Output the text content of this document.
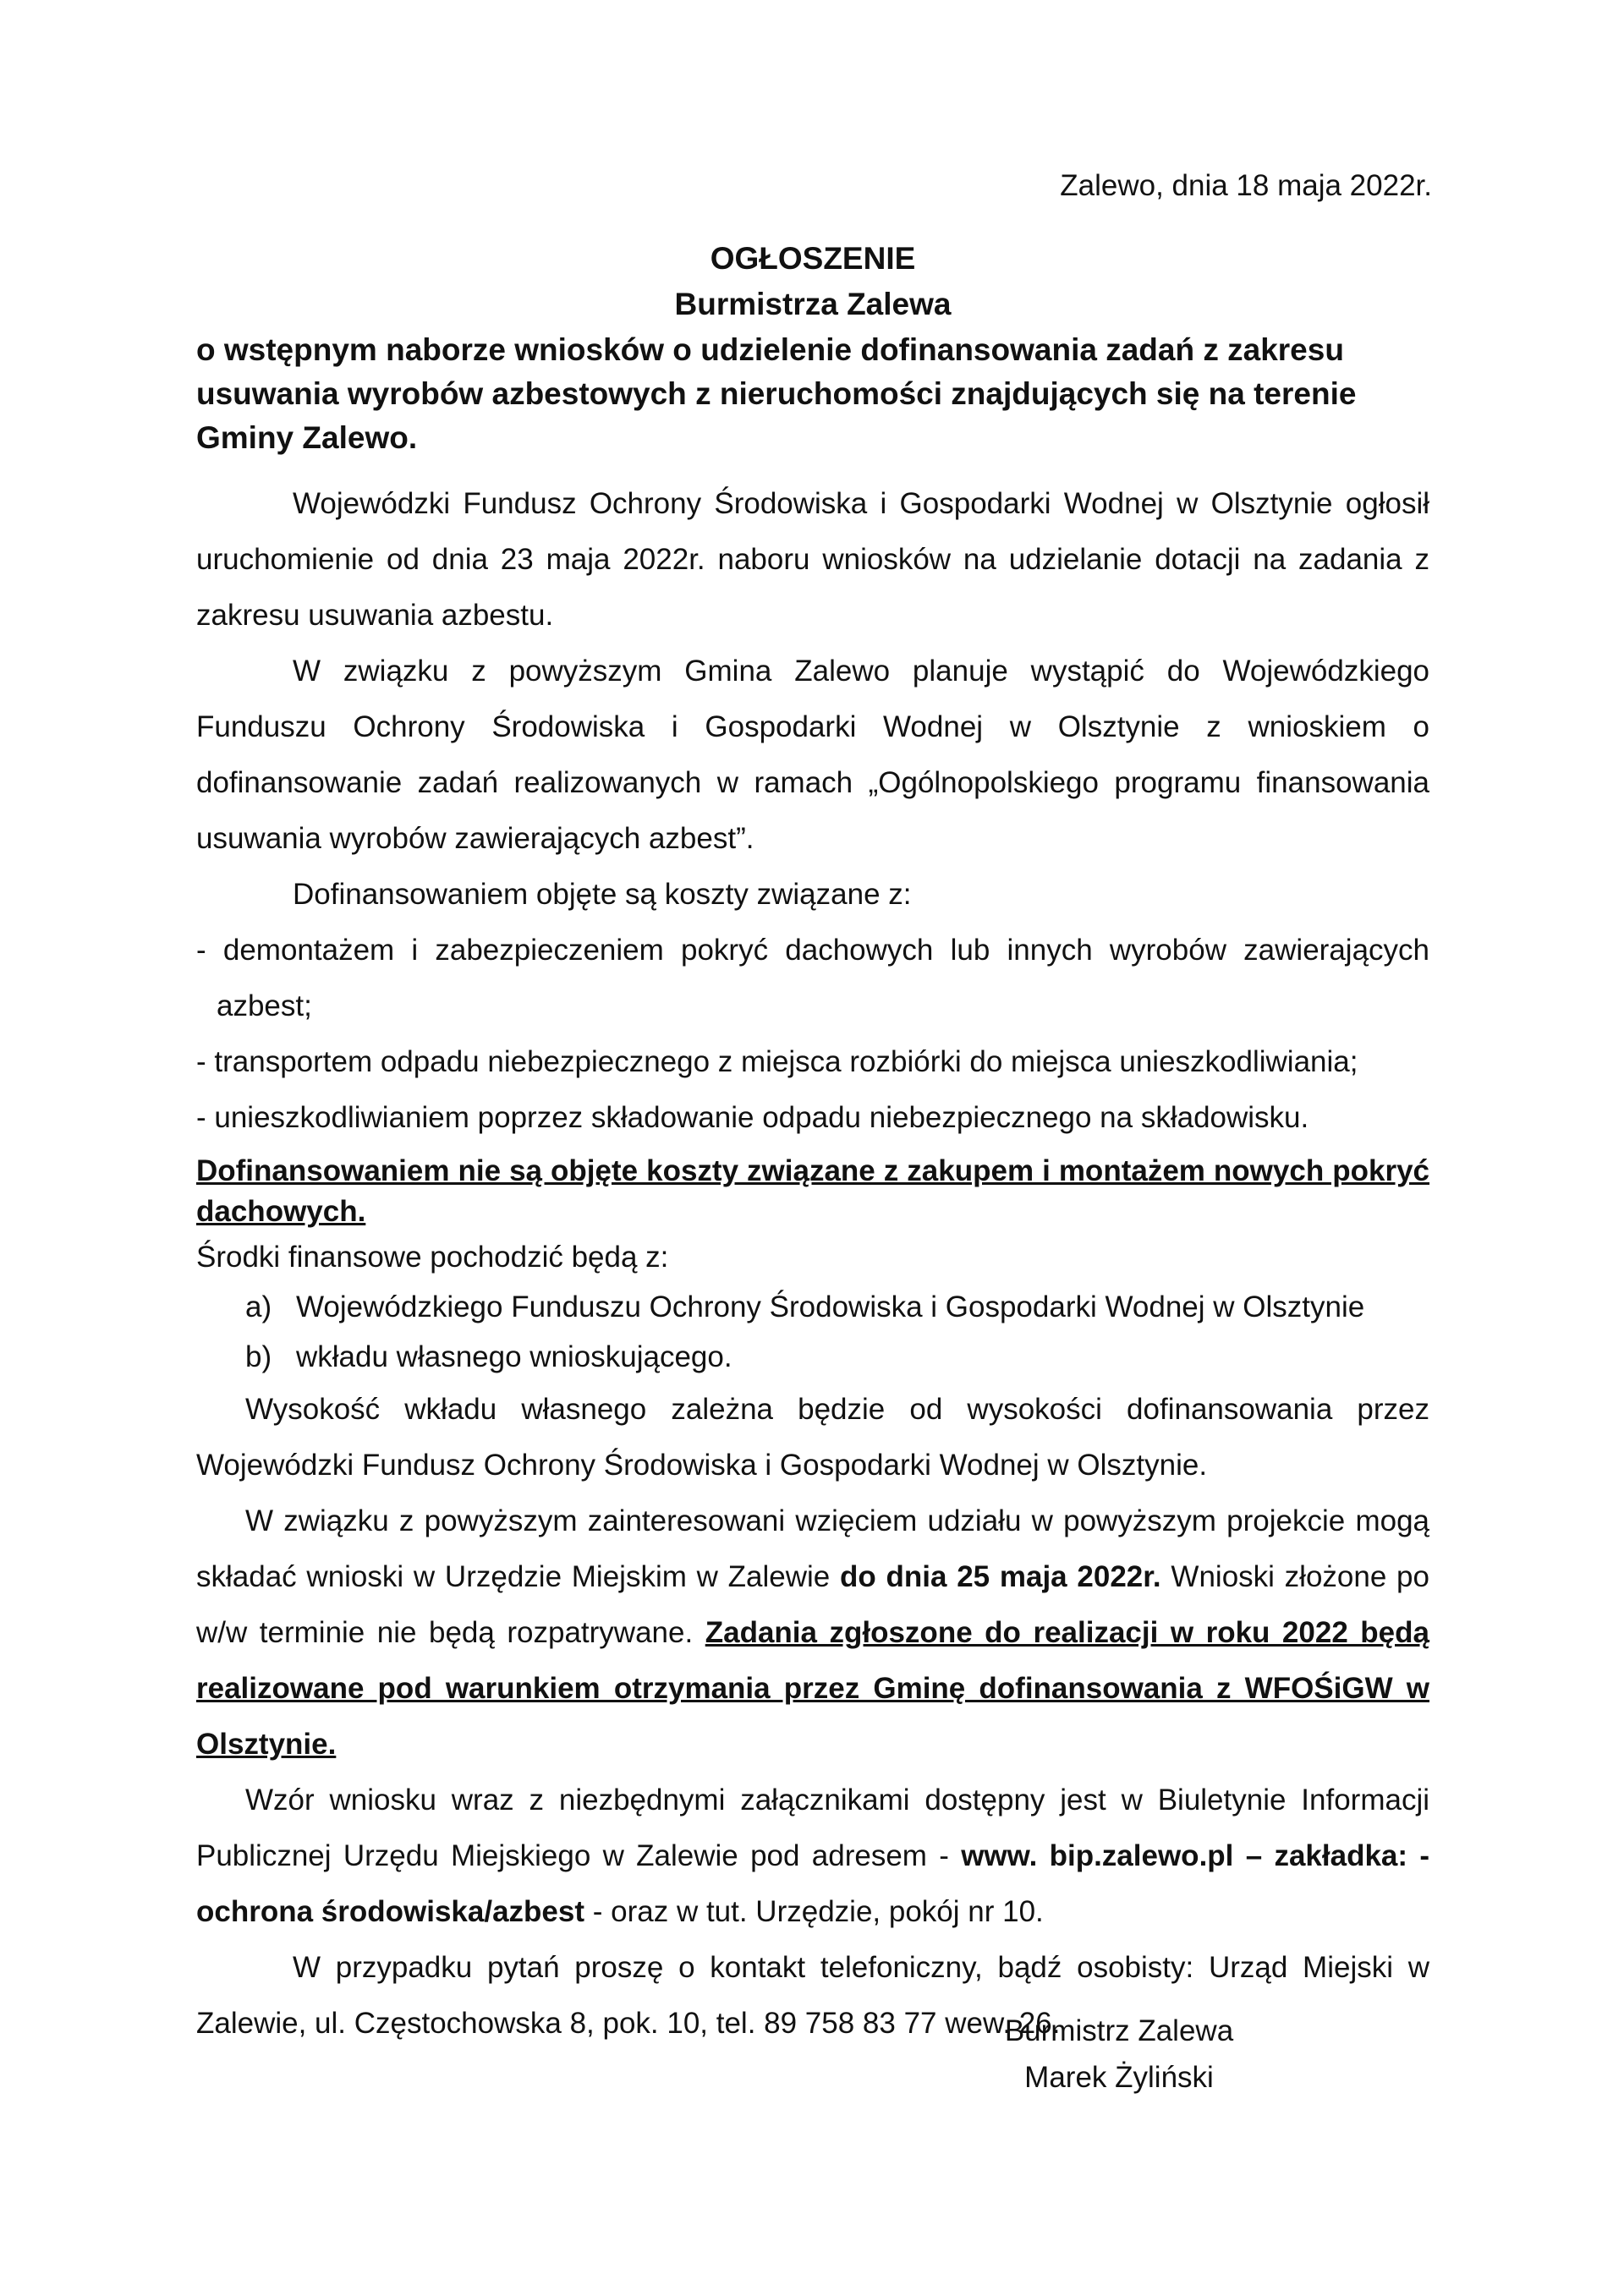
Zalewo, dnia 18 maja 2022r.
OGŁOSZENIE
Burmistrza Zalewa
o wstępnym naborze wniosków o udzielenie dofinansowania zadań z zakresu usuwania wyrobów azbestowych z nieruchomości znajdujących się na terenie Gminy Zalewo.

Wojewódzki Fundusz Ochrony Środowiska i Gospodarki Wodnej w Olsztynie ogłosił uruchomienie od dnia 23 maja 2022r. naboru wniosków na udzielanie dotacji na zadania z zakresu usuwania azbestu.

W związku z powyższym Gmina Zalewo planuje wystąpić do Wojewódzkiego Funduszu Ochrony Środowiska i Gospodarki Wodnej w Olsztynie z wnioskiem o dofinansowanie zadań realizowanych w ramach „Ogólnopolskiego programu finansowania usuwania wyrobów zawierających azbest”.

Dofinansowaniem objęte są koszty związane z:

- demontażem i zabezpieczeniem pokryć dachowych lub innych wyrobów zawierających azbest;

- transportem odpadu niebezpiecznego z miejsca rozbiórki do miejsca unieszkodliwiania;

- unieszkodliwianiem poprzez składowanie odpadu niebezpiecznego na składowisku.

Dofinansowaniem nie są objęte koszty związane z zakupem i montażem nowych pokryć dachowych.

Środki finansowe pochodzić będą z:

a) Wojewódzkiego Funduszu Ochrony Środowiska i Gospodarki Wodnej w Olsztynie
b) wkładu własnego wnioskującego.

Wysokość wkładu własnego zależna będzie od wysokości dofinansowania przez Wojewódzki Fundusz Ochrony Środowiska i Gospodarki Wodnej w Olsztynie.

W związku z powyższym zainteresowani wzięciem udziału w powyższym projekcie mogą składać wnioski w Urzędzie Miejskim w Zalewie do dnia 25 maja 2022r. Wnioski złożone po w/w terminie nie będą rozpatrywane. Zadania zgłoszone do realizacji w roku 2022 będą realizowane pod warunkiem otrzymania przez Gminę dofinansowania z WFOŚiGW w Olsztynie.

Wzór wniosku wraz z niezbędnymi załącznikami dostępny jest w Biuletynie Informacji Publicznej Urzędu Miejskiego w Zalewie pod adresem - www. bip.zalewo.pl – zakładka: - ochrona środowiska/azbest - oraz w tut. Urzędzie, pokój nr 10.

W przypadku pytań proszę o kontakt telefoniczny, bądź osobisty: Urząd Miejski w Zalewie, ul. Częstochowska 8, pok. 10, tel. 89 758 83 77 wew. 26.

Burmistrz Zalewa
Marek Żyliński
